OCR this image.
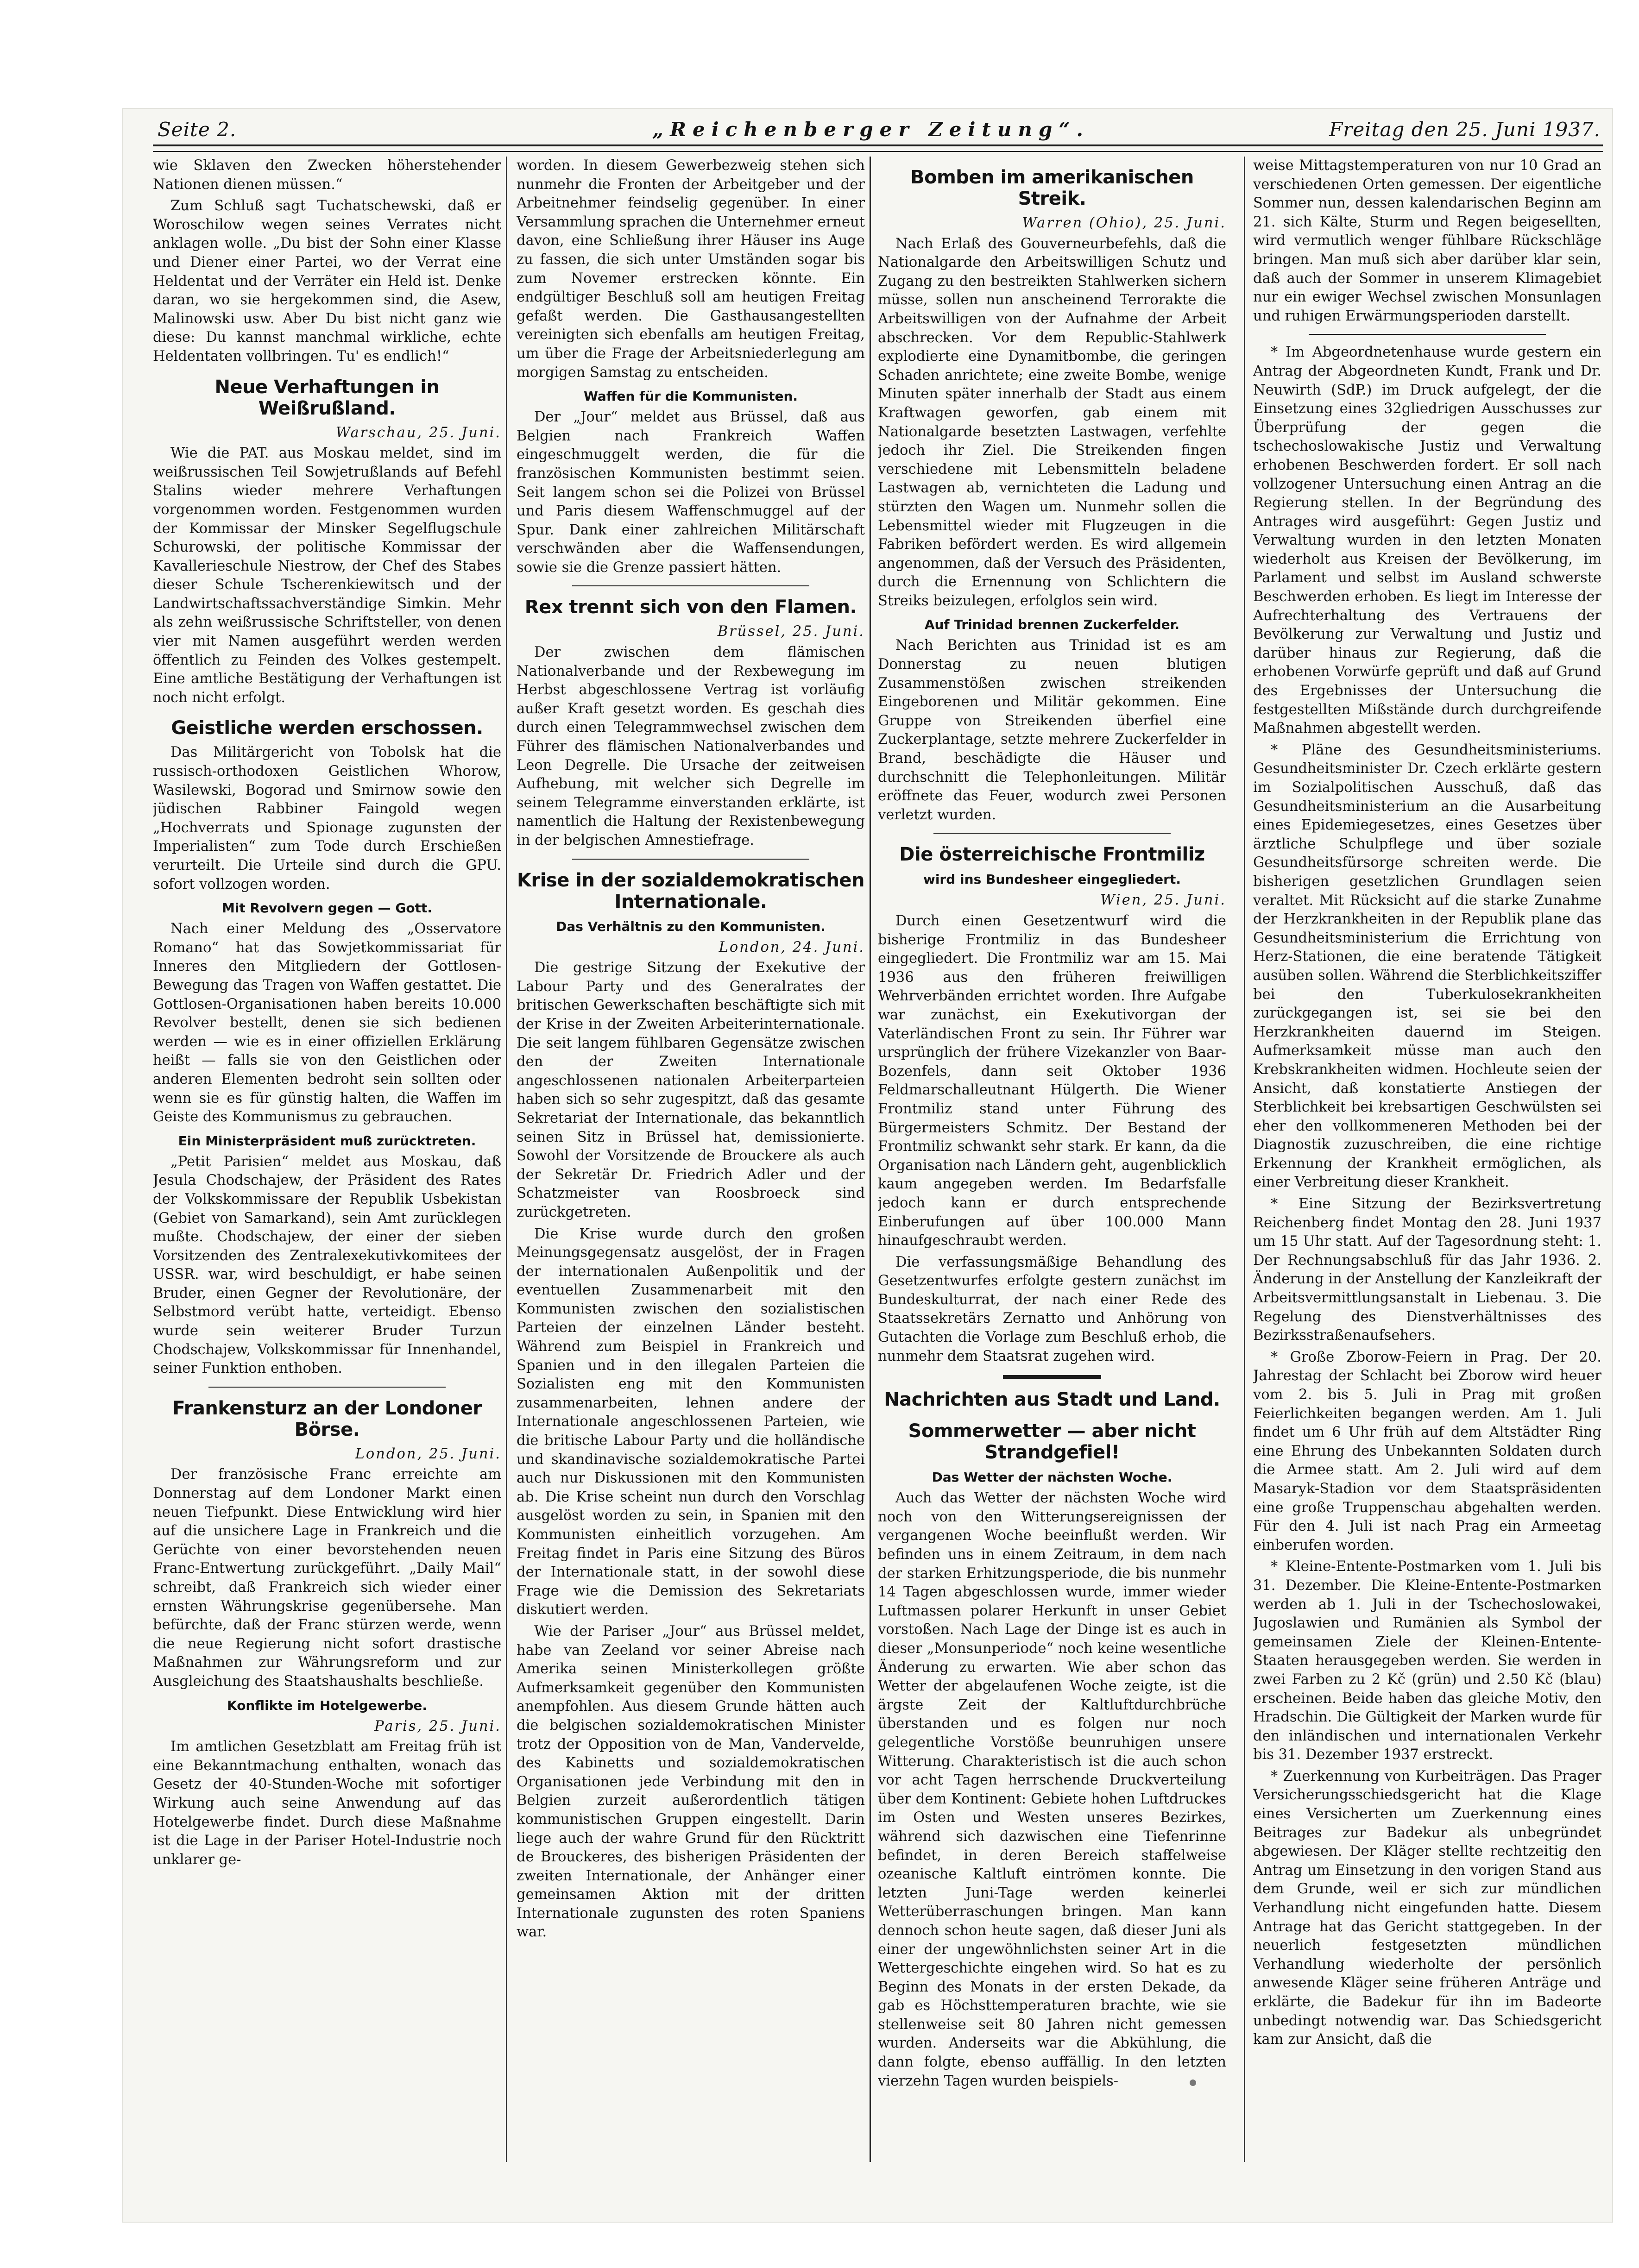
Seite 2.	„Reichenberger Zeitung“.	Freitag den 25. Juni 1937.

wie Sklaven den Zwecken höherstehender Nationen dienen müssen.“

Zum Schluß sagt Tuchatschewski, daß er Woroschilow wegen seines Verrates nicht anklagen wolle. „Du bist der Sohn einer Klasse und Diener einer Partei, wo der Verrat eine Heldentat und der Verräter ein Held ist. Denke daran, wo sie hergekommen sind, die Asew, Malinowski usw. Aber Du bist nicht ganz wie diese: Du kannst manchmal wirkliche, echte Heldentaten vollbringen. Tu' es endlich!“

Neue Verhaftungen in Weißrußland.
Warschau, 25. Juni.

Wie die PAT. aus Moskau meldet, sind im weißrussischen Teil Sowjetrußlands auf Befehl Stalins wieder mehrere Verhaftungen vorgenommen worden. Festgenommen wurden der Kommissar der Minsker Segelflugschule Schurowski, der politische Kommissar der Kavallerieschule Niestrow, der Chef des Stabes dieser Schule Tscherenkiewitsch und der Landwirtschaftssachverständige Simkin. Mehr als zehn weißrussische Schriftsteller, von denen vier mit Namen ausgeführt werden werden öffentlich zu Feinden des Volkes gestempelt. Eine amtliche Bestätigung der Verhaftungen ist noch nicht erfolgt.

Geistliche werden erschossen.

Das Militärgericht von Tobolsk hat die russisch-orthodoxen Geistlichen Whorow, Wasilewski, Bogorad und Smirnow sowie den jüdischen Rabbiner Faingold wegen „Hochverrats und Spionage zugunsten der Imperialisten“ zum Tode durch Erschießen verurteilt. Die Urteile sind durch die GPU. sofort vollzogen worden.

Mit Revolvern gegen — Gott.

Nach einer Meldung des „Osservatore Romano“ hat das Sowjetkommissariat für Inneres den Mitgliedern der Gottlosen-Bewegung das Tragen von Waffen gestattet. Die Gottlosen-Organisationen haben bereits 10.000 Revolver bestellt, denen sie sich bedienen werden — wie es in einer offiziellen Erklärung heißt — falls sie von den Geistlichen oder anderen Elementen bedroht sein sollten oder wenn sie es für günstig halten, die Waffen im Geiste des Kommunismus zu gebrauchen.

Ein Ministerpräsident muß zurücktreten.

„Petit Parisien“ meldet aus Moskau, daß Jesula Chodschajew, der Präsident des Rates der Volkskommissare der Republik Usbekistan (Gebiet von Samarkand), sein Amt zurücklegen mußte. Chodschajew, der einer der sieben Vorsitzenden des Zentralexekutivkomitees der USSR. war, wird beschuldigt, er habe seinen Bruder, einen Gegner der Revolutionäre, der Selbstmord verübt hatte, verteidigt. Ebenso wurde sein weiterer Bruder Turzun Chodschajew, Volkskommissar für Innenhandel, seiner Funktion enthoben.

Frankensturz an der Londoner Börse.
London, 25. Juni.

Der französische Franc erreichte am Donnerstag auf dem Londoner Markt einen neuen Tiefpunkt. Diese Entwicklung wird hier auf die unsichere Lage in Frankreich und die Gerüchte von einer bevorstehenden neuen Franc-Entwertung zurückgeführt. „Daily Mail“ schreibt, daß Frankreich sich wieder einer ernsten Währungskrise gegenübersehe. Man befürchte, daß der Franc stürzen werde, wenn die neue Regierung nicht sofort drastische Maßnahmen zur Währungsreform und zur Ausgleichung des Staatshaushalts beschließe.

Konflikte im Hotelgewerbe.
Paris, 25. Juni.

Im amtlichen Gesetzblatt am Freitag früh ist eine Bekanntmachung enthalten, wonach das Gesetz der 40-Stunden-Woche mit sofortiger Wirkung auch seine Anwendung auf das Hotelgewerbe findet. Durch diese Maßnahme ist die Lage in der Pariser Hotel-Industrie noch unklarer ge-

worden. In diesem Gewerbezweig stehen sich nunmehr die Fronten der Arbeitgeber und der Arbeitnehmer feindselig gegenüber. In einer Versammlung sprachen die Unternehmer erneut davon, eine Schließung ihrer Häuser ins Auge zu fassen, die sich unter Umständen sogar bis zum Novemer erstrecken könnte. Ein endgültiger Beschluß soll am heutigen Freitag gefaßt werden. Die Gasthausangestellten vereinigten sich ebenfalls am heutigen Freitag, um über die Frage der Arbeitsniederlegung am morgigen Samstag zu entscheiden.

Waffen für die Kommunisten.

Der „Jour“ meldet aus Brüssel, daß aus Belgien nach Frankreich Waffen eingeschmuggelt werden, die für die französischen Kommunisten bestimmt seien. Seit langem schon sei die Polizei von Brüssel und Paris diesem Waffenschmuggel auf der Spur. Dank einer zahlreichen Militärschaft verschwänden aber die Waffensendungen, sowie sie die Grenze passiert hätten.

Rex trennt sich von den Flamen.
Brüssel, 25. Juni.

Der zwischen dem flämischen Nationalverbande und der Rexbewegung im Herbst abgeschlossene Vertrag ist vorläufig außer Kraft gesetzt worden. Es geschah dies durch einen Telegrammwechsel zwischen dem Führer des flämischen Nationalverbandes und Leon Degrelle. Die Ursache der zeitweisen Aufhebung, mit welcher sich Degrelle im seinem Telegramme einverstanden erklärte, ist namentlich die Haltung der Rexistenbewegung in der belgischen Amnestiefrage.

Krise in der sozialdemokratischen Internationale.
Das Verhältnis zu den Kommunisten.
London, 24. Juni.

Die gestrige Sitzung der Exekutive der Labour Party und des Generalrates der britischen Gewerkschaften beschäftigte sich mit der Krise in der Zweiten Arbeiterinternationale. Die seit langem fühlbaren Gegensätze zwischen den der Zweiten Internationale angeschlossenen nationalen Arbeiterparteien haben sich so sehr zugespitzt, daß das gesamte Sekretariat der Internationale, das bekanntlich seinen Sitz in Brüssel hat, demissionierte. Sowohl der Vorsitzende de Brouckere als auch der Sekretär Dr. Friedrich Adler und der Schatzmeister van Roosbroeck sind zurückgetreten.

Die Krise wurde durch den großen Meinungsgegensatz ausgelöst, der in Fragen der internationalen Außenpolitik und der eventuellen Zusammenarbeit mit den Kommunisten zwischen den sozialistischen Parteien der einzelnen Länder besteht. Während zum Beispiel in Frankreich und Spanien und in den illegalen Parteien die Sozialisten eng mit den Kommunisten zusammenarbeiten, lehnen andere der Internationale angeschlossenen Parteien, wie die britische Labour Party und die holländische und skandinavische sozialdemokratische Partei auch nur Diskussionen mit den Kommunisten ab. Die Krise scheint nun durch den Vorschlag ausgelöst worden zu sein, in Spanien mit den Kommunisten einheitlich vorzugehen. Am Freitag findet in Paris eine Sitzung des Büros der Internationale statt, in der sowohl diese Frage wie die Demission des Sekretariats diskutiert werden.

Wie der Pariser „Jour“ aus Brüssel meldet, habe van Zeeland vor seiner Abreise nach Amerika seinen Ministerkollegen größte Aufmerksamkeit gegenüber den Kommunisten anempfohlen. Aus diesem Grunde hätten auch die belgischen sozialdemokratischen Minister trotz der Opposition von de Man, Vandervelde, des Kabinetts und sozialdemokratischen Organisationen jede Verbindung mit den in Belgien zurzeit außerordentlich tätigen kommunistischen Gruppen eingestellt. Darin liege auch der wahre Grund für den Rücktritt de Brouckeres, des bisherigen Präsidenten der zweiten Internationale, der Anhänger einer gemeinsamen Aktion mit der dritten Internationale zugunsten des roten Spaniens war.

Bomben im amerikanischen Streik.
Warren (Ohio), 25. Juni.

Nach Erlaß des Gouverneurbefehls, daß die Nationalgarde den Arbeitswilligen Schutz und Zugang zu den bestreikten Stahlwerken sichern müsse, sollen nun anscheinend Terrorakte die Arbeitswilligen von der Aufnahme der Arbeit abschrecken. Vor dem Republic-Stahlwerk explodierte eine Dynamitbombe, die geringen Schaden anrichtete; eine zweite Bombe, wenige Minuten später innerhalb der Stadt aus einem Kraftwagen geworfen, gab einem mit Nationalgarde besetzten Lastwagen, verfehlte jedoch ihr Ziel. Die Streikenden fingen verschiedene mit Lebensmitteln beladene Lastwagen ab, vernichteten die Ladung und stürzten den Wagen um. Nunmehr sollen die Lebensmittel wieder mit Flugzeugen in die Fabriken befördert werden. Es wird allgemein angenommen, daß der Versuch des Präsidenten, durch die Ernennung von Schlichtern die Streiks beizulegen, erfolglos sein wird.

Auf Trinidad brennen Zuckerfelder.

Nach Berichten aus Trinidad ist es am Donnerstag zu neuen blutigen Zusammenstößen zwischen streikenden Eingeborenen und Militär gekommen. Eine Gruppe von Streikenden überfiel eine Zuckerplantage, setzte mehrere Zuckerfelder in Brand, beschädigte die Häuser und durchschnitt die Telephonleitungen. Militär eröffnete das Feuer, wodurch zwei Personen verletzt wurden.

Die österreichische Frontmiliz
wird ins Bundesheer eingegliedert.
Wien, 25. Juni.

Durch einen Gesetzentwurf wird die bisherige Frontmiliz in das Bundesheer eingegliedert. Die Frontmiliz war am 15. Mai 1936 aus den früheren freiwilligen Wehrverbänden errichtet worden. Ihre Aufgabe war zunächst, ein Exekutivorgan der Vaterländischen Front zu sein. Ihr Führer war ursprünglich der frühere Vizekanzler von Baar-Bozenfels, dann seit Oktober 1936 Feldmarschalleutnant Hülgerth. Die Wiener Frontmiliz stand unter Führung des Bürgermeisters Schmitz. Der Bestand der Frontmiliz schwankt sehr stark. Er kann, da die Organisation nach Ländern geht, augenblicklich kaum angegeben werden. Im Bedarfsfalle jedoch kann er durch entsprechende Einberufungen auf über 100.000 Mann hinaufgeschraubt werden.

Die verfassungsmäßige Behandlung des Gesetzentwurfes erfolgte gestern zunächst im Bundeskulturrat, der nach einer Rede des Staatssekretärs Zernatto und Anhörung von Gutachten die Vorlage zum Beschluß erhob, die nunmehr dem Staatsrat zugehen wird.

Nachrichten aus Stadt und Land.
Sommerwetter — aber nicht Strandgefiel!
Das Wetter der nächsten Woche.

Auch das Wetter der nächsten Woche wird noch von den Witterungsereignissen der vergangenen Woche beeinflußt werden. Wir befinden uns in einem Zeitraum, in dem nach der starken Erhitzungsperiode, die bis nunmehr 14 Tagen abgeschlossen wurde, immer wieder Luftmassen polarer Herkunft in unser Gebiet vorstoßen. Nach Lage der Dinge ist es auch in dieser „Monsunperiode“ noch keine wesentliche Änderung zu erwarten. Wie aber schon das Wetter der abgelaufenen Woche zeigte, ist die ärgste Zeit der Kaltluftdurchbrüche überstanden und es folgen nur noch gelegentliche Vorstöße beunruhigen unsere Witterung. Charakteristisch ist die auch schon vor acht Tagen herrschende Druckverteilung über dem Kontinent: Gebiete hohen Luftdruckes im Osten und Westen unseres Bezirkes, während sich dazwischen eine Tiefenrinne befindet, in deren Bereich staffelweise ozeanische Kaltluft eintrömen konnte. Die letzten Juni-Tage werden keinerlei Wetterüberraschungen bringen. Man kann dennoch schon heute sagen, daß dieser Juni als einer der ungewöhnlichsten seiner Art in die Wettergeschichte eingehen wird. So hat es zu Beginn des Monats in der ersten Dekade, da gab es Höchsttemperaturen brachte, wie sie stellenweise seit 80 Jahren nicht gemessen wurden. Anderseits war die Abkühlung, die dann folgte, ebenso auffällig. In den letzten vierzehn Tagen wurden beispiels-

weise Mittagstemperaturen von nur 10 Grad an verschiedenen Orten gemessen. Der eigentliche Sommer nun, dessen kalendarischen Beginn am 21. sich Kälte, Sturm und Regen beigesellten, wird vermutlich wenger fühlbare Rückschläge bringen. Man muß sich aber darüber klar sein, daß auch der Sommer in unserem Klimagebiet nur ein ewiger Wechsel zwischen Monsunlagen und ruhigen Erwärmungsperioden darstellt.

* Im Abgeordnetenhause wurde gestern ein Antrag der Abgeordneten Kundt, Frank und Dr. Neuwirth (SdP.) im Druck aufgelegt, der die Einsetzung eines 32gliedrigen Ausschusses zur Überprüfung der gegen die tschechoslowakische Justiz und Verwaltung erhobenen Beschwerden fordert. Er soll nach vollzogener Untersuchung einen Antrag an die Regierung stellen. In der Begründung des Antrages wird ausgeführt: Gegen Justiz und Verwaltung wurden in den letzten Monaten wiederholt aus Kreisen der Bevölkerung, im Parlament und selbst im Ausland schwerste Beschwerden erhoben. Es liegt im Interesse der Aufrechterhaltung des Vertrauens der Bevölkerung zur Verwaltung und Justiz und darüber hinaus zur Regierung, daß die erhobenen Vorwürfe geprüft und daß auf Grund des Ergebnisses der Untersuchung die festgestellten Mißstände durch durchgreifende Maßnahmen abgestellt werden.

* Pläne des Gesundheitsministeriums. Gesundheitsminister Dr. Czech erklärte gestern im Sozialpolitischen Ausschuß, daß das Gesundheitsministerium an die Ausarbeitung eines Epidemiegesetzes, eines Gesetzes über ärztliche Schulpflege und über soziale Gesundheitsfürsorge schreiten werde. Die bisherigen gesetzlichen Grundlagen seien veraltet. Mit Rücksicht auf die starke Zunahme der Herzkrankheiten in der Republik plane das Gesundheitsministerium die Errichtung von Herz-Stationen, die eine beratende Tätigkeit ausüben sollen. Während die Sterblichkeitsziffer bei den Tuberkulosekrankheiten zurückgegangen ist, sei sie bei den Herzkrankheiten dauernd im Steigen. Aufmerksamkeit müsse man auch den Krebskrankheiten widmen. Hochleute seien der Ansicht, daß konstatierte Anstiegen der Sterblichkeit bei krebsartigen Geschwülsten sei eher den vollkommeneren Methoden bei der Diagnostik zuzuschreiben, die eine richtige Erkennung der Krankheit ermöglichen, als einer Verbreitung dieser Krankheit.

* Eine Sitzung der Bezirksvertretung Reichenberg findet Montag den 28. Juni 1937 um 15 Uhr statt. Auf der Tagesordnung steht: 1. Der Rechnungsabschluß für das Jahr 1936. 2. Änderung in der Anstellung der Kanzleikraft der Arbeitsvermittlungsanstalt in Liebenau. 3. Die Regelung des Dienstverhältnisses des Bezirksstraßenaufsehers.

* Große Zborow-Feiern in Prag. Der 20. Jahrestag der Schlacht bei Zborow wird heuer vom 2. bis 5. Juli in Prag mit großen Feierlichkeiten begangen werden. Am 1. Juli findet um 6 Uhr früh auf dem Altstädter Ring eine Ehrung des Unbekannten Soldaten durch die Armee statt. Am 2. Juli wird auf dem Masaryk-Stadion vor dem Staatspräsidenten eine große Truppenschau abgehalten werden. Für den 4. Juli ist nach Prag ein Armeetag einberufen worden.

* Kleine-Entente-Postmarken vom 1. Juli bis 31. Dezember. Die Kleine-Entente-Postmarken werden ab 1. Juli in der Tschechoslowakei, Jugoslawien und Rumänien als Symbol der gemeinsamen Ziele der Kleinen-Entente-Staaten herausgegeben werden. Sie werden in zwei Farben zu 2 Kč (grün) und 2.50 Kč (blau) erscheinen. Beide haben das gleiche Motiv, den Hradschin. Die Gültigkeit der Marken wurde für den inländischen und internationalen Verkehr bis 31. Dezember 1937 erstreckt.

* Zuerkennung von Kurbeiträgen. Das Prager Versicherungsschiedsgericht hat die Klage eines Versicherten um Zuerkennung eines Beitrages zur Badekur als unbegründet abgewiesen. Der Kläger stellte rechtzeitig den Antrag um Einsetzung in den vorigen Stand aus dem Grunde, weil er sich zur mündlichen Verhandlung nicht eingefunden hatte. Diesem Antrage hat das Gericht stattgegeben. In der neuerlich festgesetzten mündlichen Verhandlung wiederholte der persönlich anwesende Kläger seine früheren Anträge und erklärte, die Badekur für ihn im Badeorte unbedingt notwendig war. Das Schiedsgericht kam zur Ansicht, daß die
